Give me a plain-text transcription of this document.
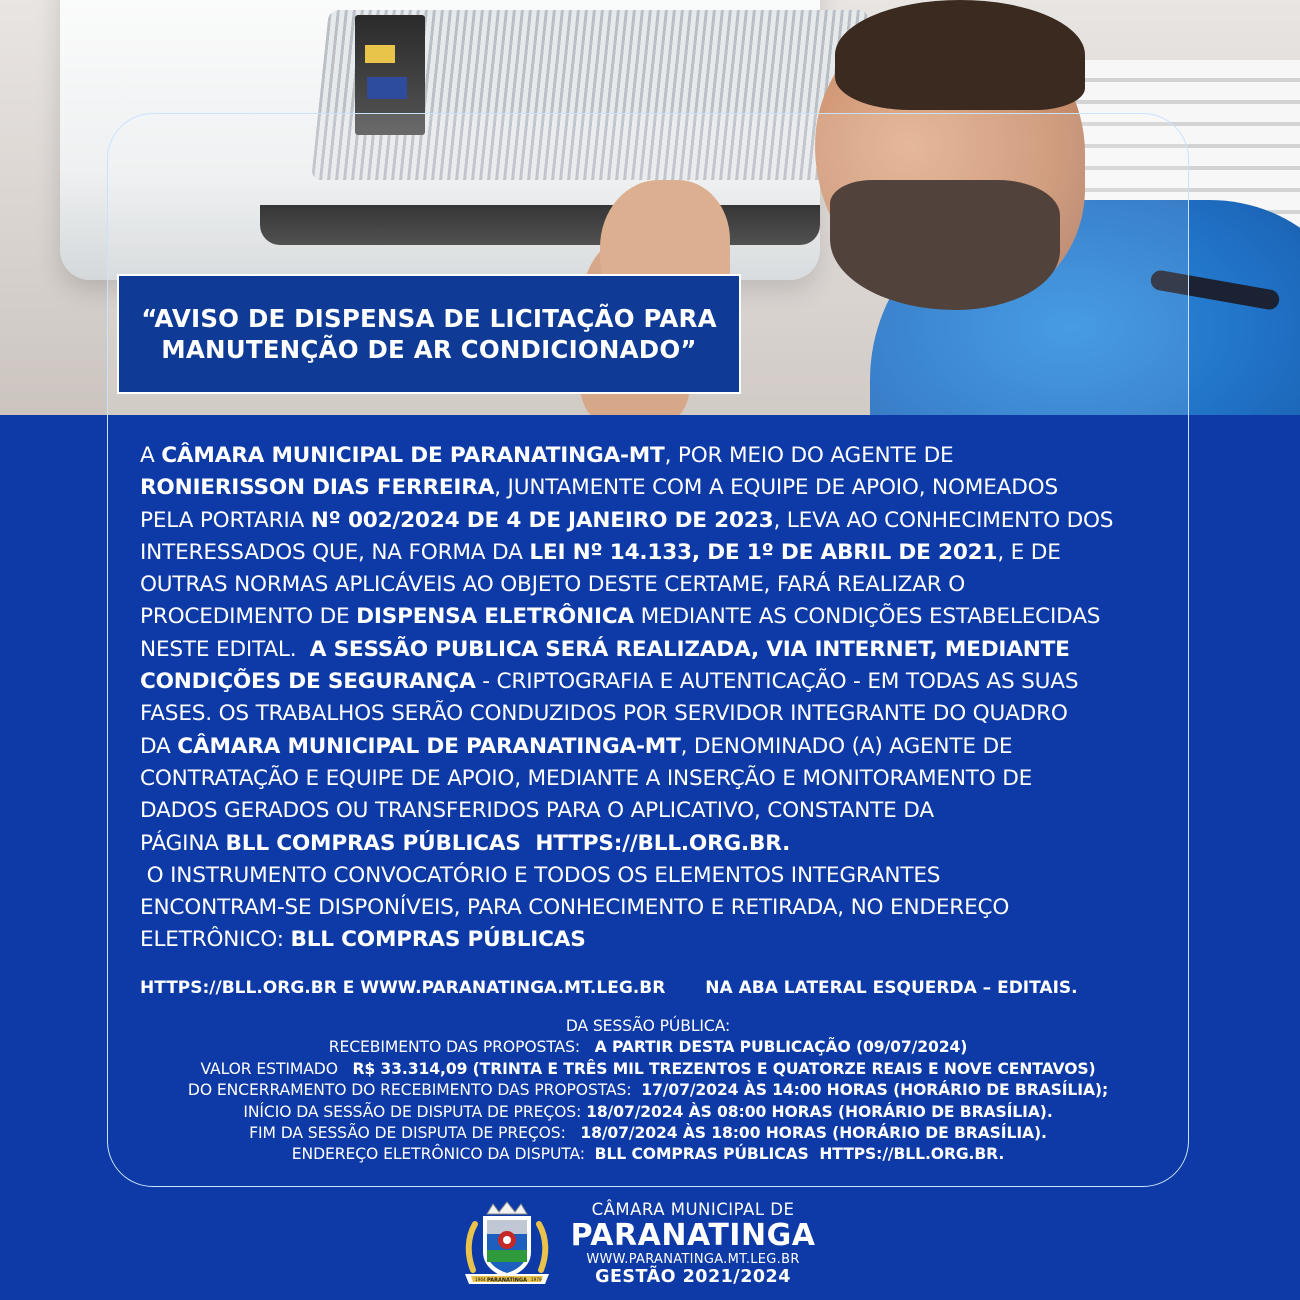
“AVISO DE DISPENSA DE LICITAÇÃO PARA
MANUTENÇÃO DE AR CONDICIONADO”
A CÂMARA MUNICIPAL DE PARANATINGA-MT, POR MEIO DO AGENTE DE
RONIERISSON DIAS FERREIRA, JUNTAMENTE COM A EQUIPE DE APOIO, NOMEADOS
PELA PORTARIA Nº 002/2024 DE 4 DE JANEIRO DE 2023, LEVA AO CONHECIMENTO DOS
INTERESSADOS QUE, NA FORMA DA LEI Nº 14.133, DE 1º DE ABRIL DE 2021, E DE
OUTRAS NORMAS APLICÁVEIS AO OBJETO DESTE CERTAME, FARÁ REALIZAR O
PROCEDIMENTO DE DISPENSA ELETRÔNICA MEDIANTE AS CONDIÇÕES ESTABELECIDAS
NESTE EDITAL.  A SESSÃO PUBLICA SERÁ REALIZADA, VIA INTERNET, MEDIANTE
CONDIÇÕES DE SEGURANÇA - CRIPTOGRAFIA E AUTENTICAÇÃO - EM TODAS AS SUAS
FASES. OS TRABALHOS SERÃO CONDUZIDOS POR SERVIDOR INTEGRANTE DO QUADRO
DA CÂMARA MUNICIPAL DE PARANATINGA-MT, DENOMINADO (A) AGENTE DE
CONTRATAÇÃO E EQUIPE DE APOIO, MEDIANTE A INSERÇÃO E MONITORAMENTO DE
DADOS GERADOS OU TRANSFERIDOS PARA O APLICATIVO, CONSTANTE DA
PÁGINA BLL COMPRAS PÚBLICAS  HTTPS://BLL.ORG.BR.
O INSTRUMENTO CONVOCATÓRIO E TODOS OS ELEMENTOS INTEGRANTES
ENCONTRAM-SE DISPONÍVEIS, PARA CONHECIMENTO E RETIRADA, NO ENDEREÇO
ELETRÔNICO: BLL COMPRAS PÚBLICAS
HTTPS://BLL.ORG.BR E WWW.PARANATINGA.MT.LEG.BR NA ABA LATERAL ESQUERDA – EDITAIS.
DA SESSÃO PÚBLICA:
RECEBIMENTO DAS PROPOSTAS:   A PARTIR DESTA PUBLICAÇÃO (09/07/2024)
VALOR ESTIMADO   R$ 33.314,09 (TRINTA E TRÊS MIL TREZENTOS E QUATORZE REAIS E NOVE CENTAVOS)
DO ENCERRAMENTO DO RECEBIMENTO DAS PROPOSTAS:  17/07/2024 ÀS 14:00 HORAS (HORÁRIO DE BRASÍLIA);
INÍCIO DA SESSÃO DE DISPUTA DE PREÇOS: 18/07/2024 ÀS 08:00 HORAS (HORÁRIO DE BRASÍLIA).
FIM DA SESSÃO DE DISPUTA DE PREÇOS:   18/07/2024 ÀS 18:00 HORAS (HORÁRIO DE BRASÍLIA).
ENDEREÇO ELETRÔNICO DA DISPUTA:  BLL COMPRAS PÚBLICAS  HTTPS://BLL.ORG.BR.
1964 PARANATINGA 1979
CÂMARA MUNICIPAL DE
PARANATINGA
WWW.PARANATINGA.MT.LEG.BR
GESTÃO 2021/2024
